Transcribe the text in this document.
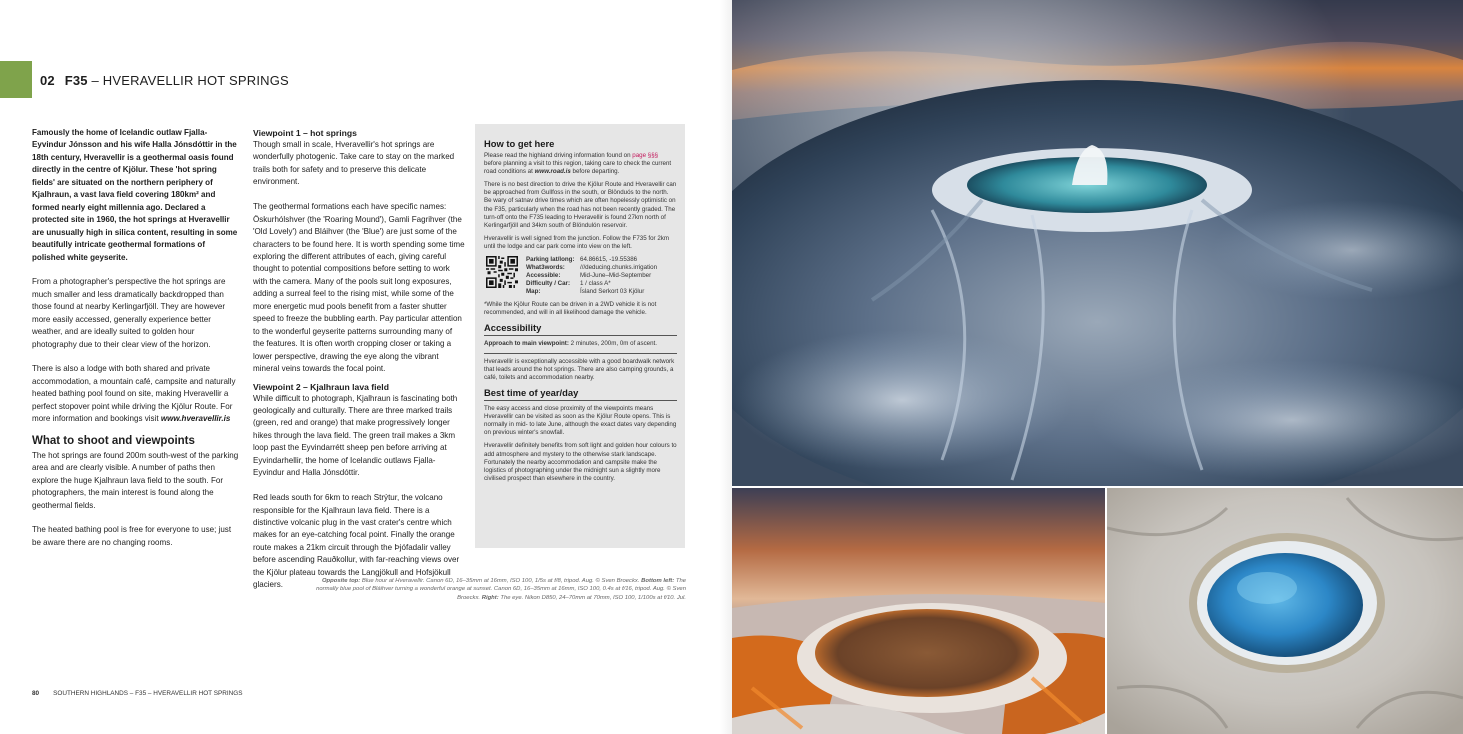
02 F35 – HVERAVELLIR HOT SPRINGS

Famously the home of Icelandic outlaw Fjalla-Eyvindur Jónsson and his wife Halla Jónsdóttir in the 18th century, Hveravellir is a geothermal oasis found directly in the centre of Kjölur. These 'hot spring fields' are situated on the northern periphery of Kjalhraun, a vast lava field covering 180km² and formed nearly eight millennia ago. Declared a protected site in 1960, the hot springs at Hveravellir are unusually high in silica content, resulting in some beautifully intricate geothermal formations of polished white geyserite.

From a photographer's perspective the hot springs are much smaller and less dramatically backdropped than those found at nearby Kerlingarfjöll. They are however more easily accessed, generally experience better weather, and are ideally suited to golden hour photography due to their clear view of the horizon.

There is also a lodge with both shared and private accommodation, a mountain café, campsite and naturally heated bathing pool found on site, making Hveravellir a perfect stopover point while driving the Kjölur Route. For more information and bookings visit www.hveravellir.is

What to shoot and viewpoints

The hot springs are found 200m south-west of the parking area and are clearly visible. A number of paths then explore the huge Kjalhraun lava field to the south. For photographers, the main interest is found along the geothermal fields.

The heated bathing pool is free for everyone to use; just be aware there are no changing rooms.

Viewpoint 1 – hot springs

Though small in scale, Hveravellir's hot springs are wonderfully photogenic. Take care to stay on the marked trails both for safety and to preserve this delicate environment.

The geothermal formations each have specific names: Öskurhólshver (the 'Roaring Mound'), Gamli Fagrihver (the 'Old Lovely') and Bláihver (the 'Blue') are just some of the characters to be found here. It is worth spending some time exploring the different attributes of each, giving careful thought to potential compositions before setting to work with the camera. Many of the pools suit long exposures, adding a surreal feel to the rising mist, while some of the more energetic mud pools benefit from a faster shutter speed to freeze the bubbling earth. Pay particular attention to the wonderful geyserite patterns surrounding many of the features. It is often worth cropping closer or taking a lower perspective, drawing the eye along the vibrant mineral veins towards the focal point.

Viewpoint 2 – Kjalhraun lava field

While difficult to photograph, Kjalhraun is fascinating both geologically and culturally. There are three marked trails (green, red and orange) that make progressively longer hikes through the lava field. The green trail makes a 3km loop past the Eyvindarrétt sheep pen before arriving at Eyvindarhellir, the home of Icelandic outlaws Fjalla-Eyvindur and Halla Jónsdóttir.

Red leads south for 6km to reach Strýtur, the volcano responsible for the Kjalhraun lava field. There is a distinctive volcanic plug in the vast crater's centre which makes for an eye-catching focal point. Finally the orange route makes a 21km circuit through the Þjófadalir valley before ascending Rauðkollur, with far-reaching views over the Kjölur plateau towards the Langjökull and Hofsjökull glaciers.

How to get here

Please read the highland driving information found on page §§§ before planning a visit to this region, taking care to check the current road conditions at www.road.is before departing.

There is no best direction to drive the Kjölur Route and Hveravellir can be approached from Gullfoss in the south, or Blönduós to the north. Be wary of satnav drive times which are often hopelessly optimistic on the F35, particularly when the road has not been recently graded. The turn-off onto the F735 leading to Hveravellir is found 27km north of Kerlingarfjöll and 34km south of Blöndulón reservoir.

Hveravellir is well signed from the junction. Follow the F735 for 2km until the lodge and car park come into view on the left.

Parking lat/long: 64.86615, -19.55386
What3words:	///deducing.chunks.irrigation
Accessible:	Mid-June–Mid-September
Difficulty / Car:	1 / class A*
Map:	Ísland Serkort 03 Kjölur

*While the Kjölur Route can be driven in a 2WD vehicle it is not recommended, and will in all likelihood damage the vehicle.

Accessibility

Approach to main viewpoint: 2 minutes, 200m, 0m of ascent.

Hveravellir is exceptionally accessible with a good boardwalk network that leads around the hot springs. There are also camping grounds, a café, toilets and accommodation nearby.

Best time of year/day

The easy access and close proximity of the viewpoints means Hveravellir can be visited as soon as the Kjölur Route opens. This is normally in mid- to late June, although the exact dates vary depending on previous winter's snowfall.

Hveravellir definitely benefits from soft light and golden hour colours to add atmosphere and mystery to the otherwise stark landscape. Fortunately the nearby accommodation and campsite make the logistics of photographing under the midnight sun a slightly more civilised prospect than elsewhere in the country.

Opposite top: Blue hour at Hveravellir. Canon 6D, 16–35mm at 16mm, ISO 100, 1/5s at f/8, tripod. Aug. © Sven Broeckx. Bottom left: The normally blue pool of Bláihver turning a wonderful orange at sunset. Canon 6D, 16–35mm at 16mm, ISO 100, 0.4s at f/16, tripod. Aug. © Sven Broeckx. Right: The eye. Nikon D850, 24–70mm at 70mm, ISO 100, 1/100s at f/10. Jul.
80 SOUTHERN HIGHLANDS – F35 – HVERAVELLIR HOT SPRINGS
